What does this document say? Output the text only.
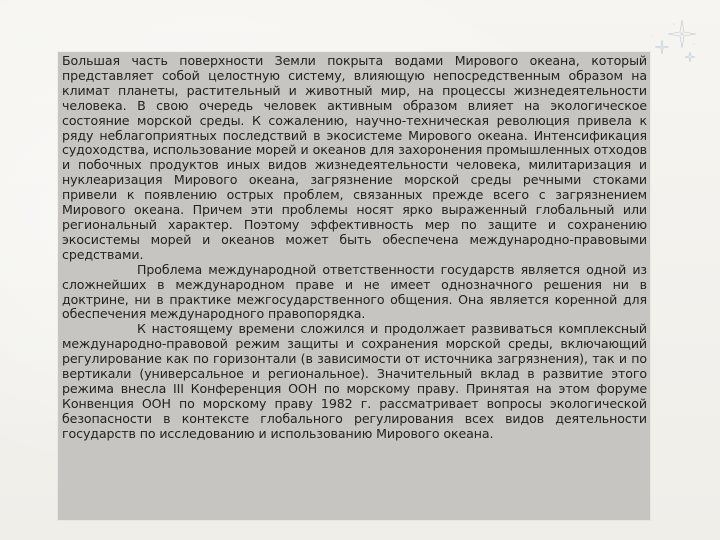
Большая часть поверхности Земли покрыта водами Мирового океана, который представляет собой целостную систему, влияющую непосредственным образом на климат планеты, растительный и животный мир, на процессы жизнедеятельности человека. В свою очередь человек активным образом влияет на экологическое состояние морской среды. К сожалению, научно-техническая революция привела к ряду неблагоприятных последствий в экосистеме Мирового океана. Интенсификация судоходства, использование морей и океанов для захоронения промышленных отходов и побочных продуктов иных видов жизнедеятельности человека, милитаризация и нуклеаризация Мирового океана, загрязнение морской среды речными стоками привели к появлению острых проблем, связанных прежде всего с загрязнением Мирового океана. Причем эти проблемы носят ярко выраженный глобальный или региональный характер. Поэтому эффективность мер по защите и сохранению экосистемы морей и океанов может быть обеспечена международно-правовыми средствами.

Проблема международной ответственности государств является одной из сложнейших в международном праве и не имеет однозначного решения ни в доктрине, ни в практике межгосударственного общения. Она является коренной для обеспечения международного правопорядка.

К настоящему времени сложился и продолжает развиваться комплексный международно-правовой режим защиты и сохранения морской среды, включающий регулирование как по горизонтали (в зависимости от источника загрязнения), так и по вертикали (универсальное и региональное). Значительный вклад в развитие этого режима внесла III Конференция ООН по морскому праву. Принятая на этом форуме Конвенция ООН по морскому праву 1982 г. рассматривает вопросы экологической безопасности в контексте глобального регулирования всех видов деятельности государств по исследованию и использованию Мирового океана.
